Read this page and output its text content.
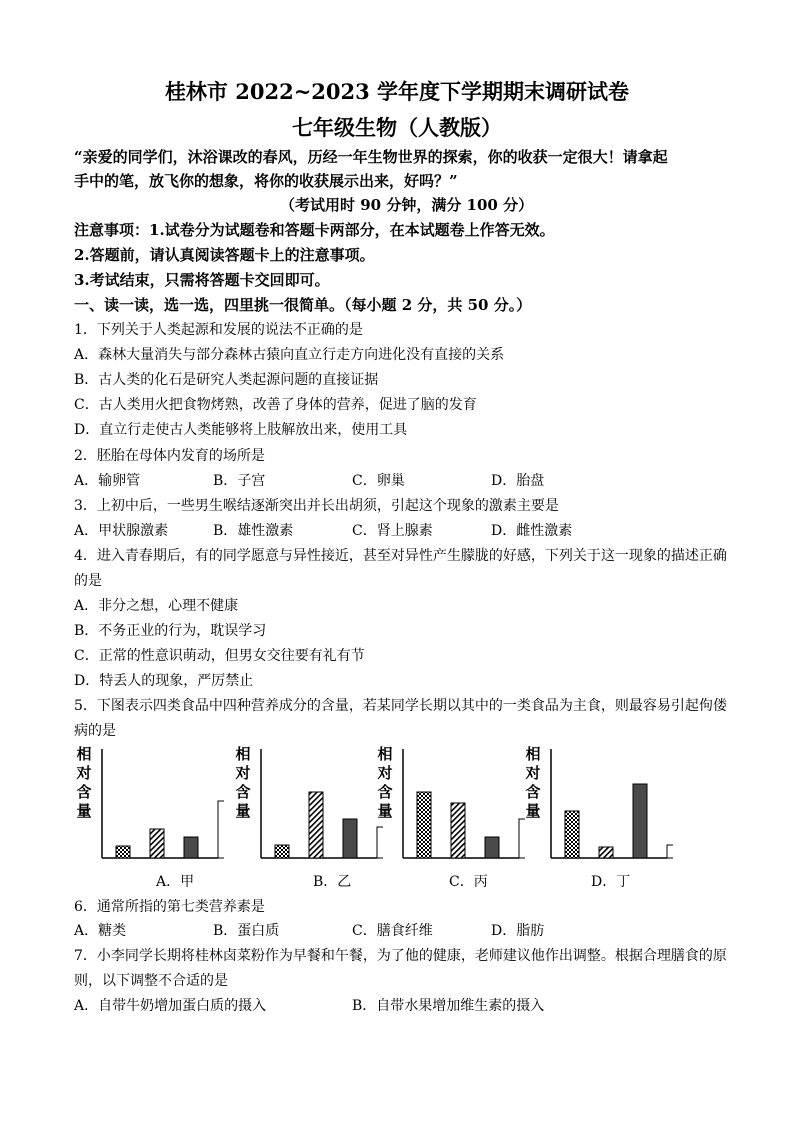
桂林市 2022~2023 学年度下学期期末调研试卷
七年级生物（人教版）
“亲爱的同学们，沐浴课改的春风，历经一年生物世界的探索，你的收获一定很大！请拿起
手中的笔，放飞你的想象，将你的收获展示出来，好吗？”
（考试用时 90 分钟，满分 100 分）
注意事项：1.试卷分为试题卷和答题卡两部分，在本试题卷上作答无效。
2.答题前，请认真阅读答题卡上的注意事项。
3.考试结束，只需将答题卡交回即可。
一、读一读，选一选，四里挑一很简单。（每小题 2 分，共 50 分。）
1．下列关于人类起源和发展的说法不正确的是
A．森林大量消失与部分森林古猿向直立行走方向进化没有直接的关系
B．古人类的化石是研究人类起源问题的直接证据
C．古人类用火把食物烤熟，改善了身体的营养，促进了脑的发育
D．直立行走使古人类能够将上肢解放出来，使用工具
2．胚胎在母体内发育的场所是
A．输卵管	B．子宫	C．卵巢	D．胎盘
3．上初中后，一些男生喉结逐渐突出并长出胡须，引起这个现象的激素主要是
A．甲状腺激素	B．雄性激素	C．肾上腺素	D．雌性激素
4．进入青春期后，有的同学愿意与异性接近，甚至对异性产生朦胧的好感，下列关于这一现象的描述正确
的是
A．非分之想，心理不健康
B．不务正业的行为，耽误学习
C．正常的性意识萌动，但男女交往要有礼有节
D．特丢人的现象，严厉禁止
5．下图表示四类食品中四种营养成分的含量，若某同学长期以其中的一类食品为主食，则最容易引起佝偻
病的是
相
对
含
量
A．甲
相
对
含
量
B．乙
相
对
含
量
C．丙
相
对
含
量
D．丁
6．通常所指的第七类营养素是
A．糖类	B．蛋白质	C．膳食纤维	D．脂肪
7．小李同学长期将桂林卤菜粉作为早餐和午餐，为了他的健康，老师建议他作出调整。根据合理膳食的原
则，以下调整不合适的是
A．自带牛奶增加蛋白质的摄入	B．自带水果增加维生素的摄入
